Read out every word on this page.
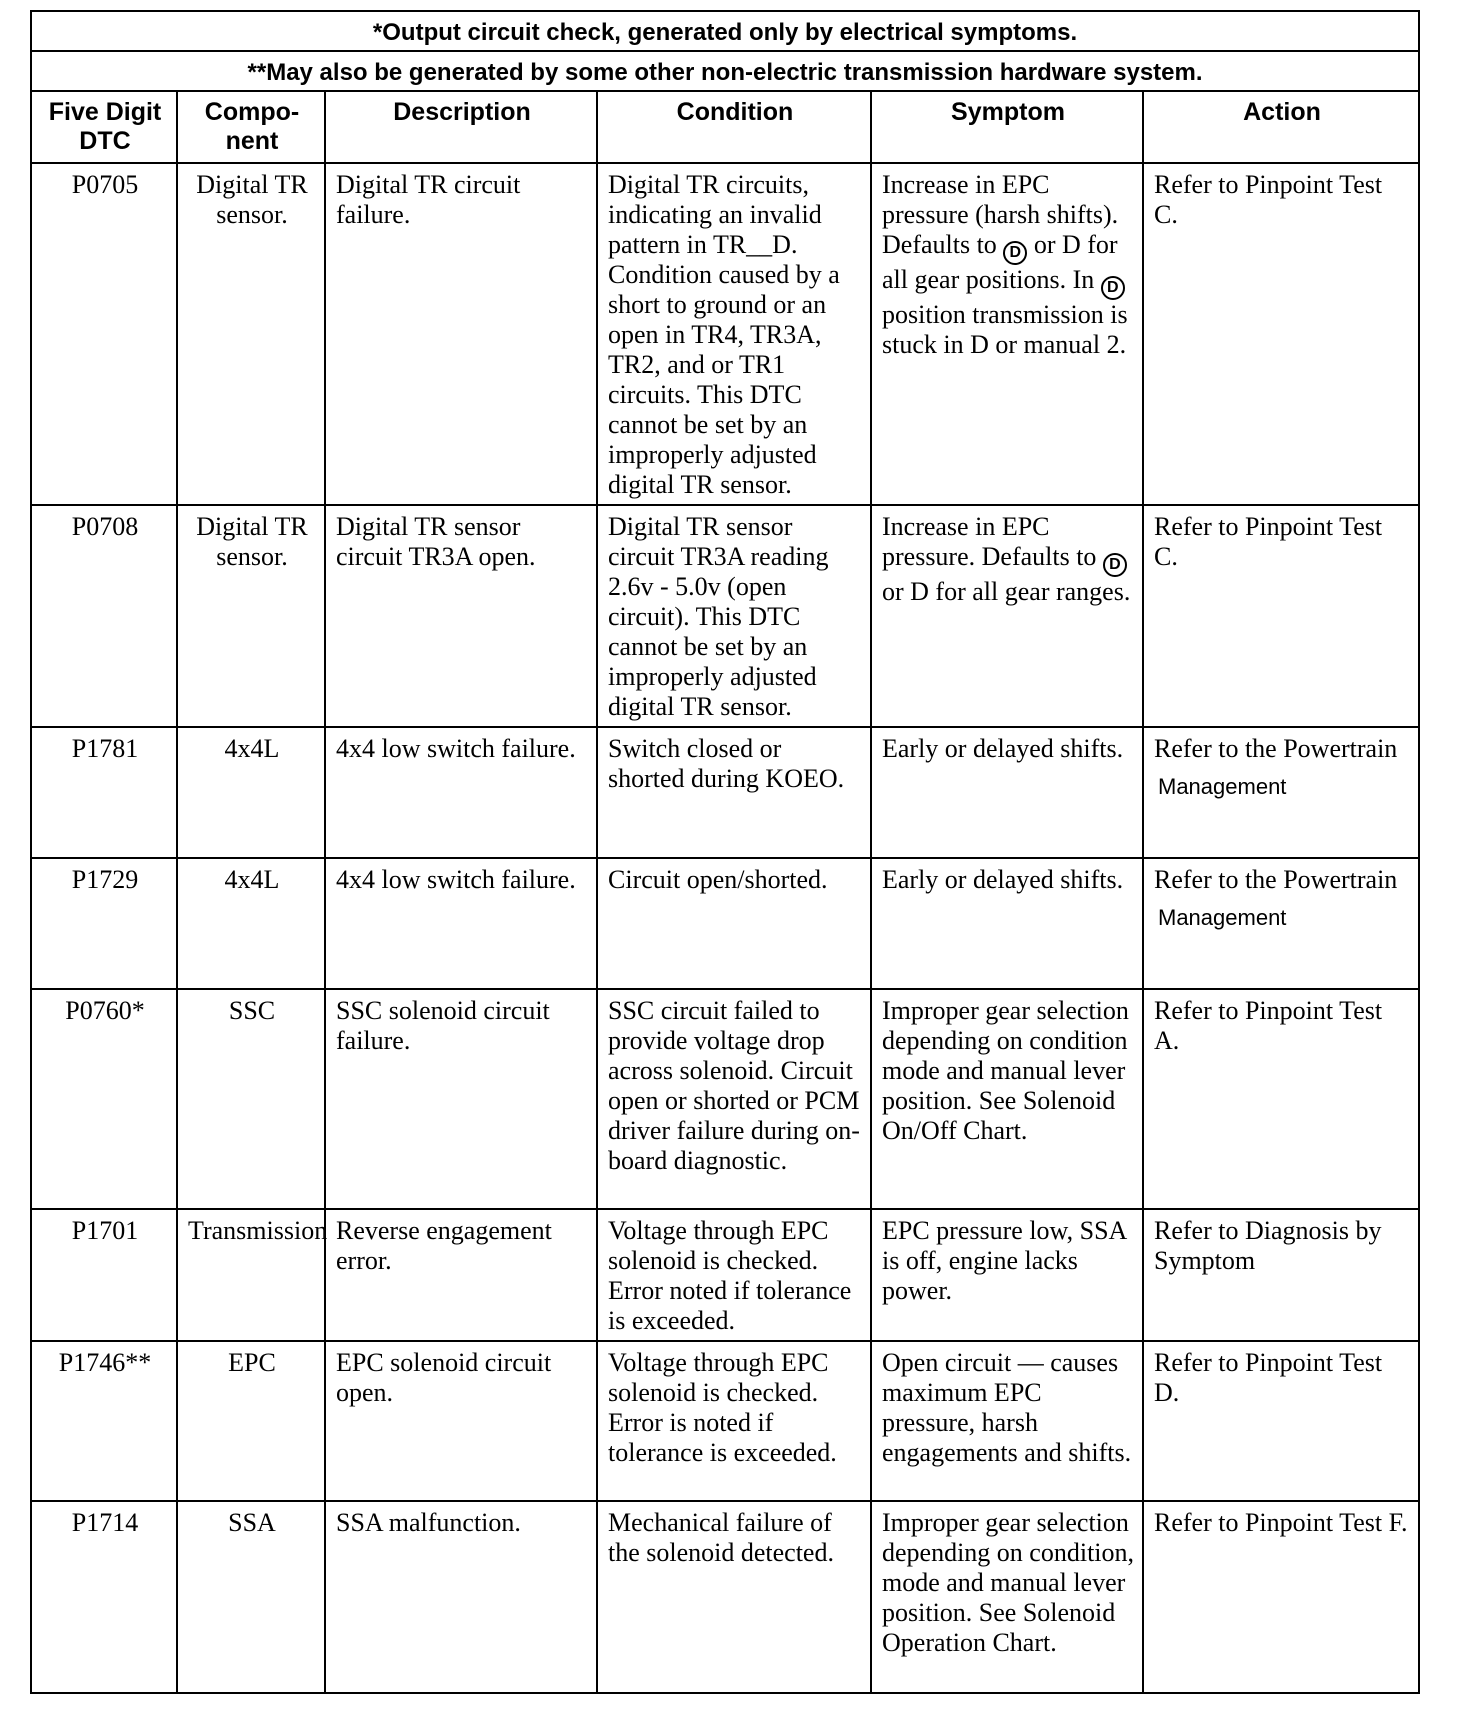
*Output circuit check, generated only by electrical symptoms.					
**May also be generated by some other non-electric transmission hardware system.					
Five Digit DTC	Compo- nent	Description	Condition	Symptom	Action
P0705	Digital TR sensor.	Digital TR circuit failure.	Digital TR circuits, indicating an invalid pattern in TR__D. Condition caused by a short to ground or an open in TR4, TR3A, TR2, and or TR1 circuits. This DTC cannot be set by an improperly adjusted digital TR sensor.	Increase in EPC pressure (harsh shifts). Defaults to D or D for all gear positions. In D position transmission is stuck in D or manual 2.	Refer to Pinpoint Test C.
P0708	Digital TR sensor.	Digital TR sensor circuit TR3A open.	Digital TR sensor circuit TR3A reading 2.6v - 5.0v (open circuit). This DTC cannot be set by an improperly adjusted digital TR sensor.	Increase in EPC pressure. Defaults to D or D for all gear ranges.	Refer to Pinpoint Test C.
P1781	4x4L	4x4 low switch failure.	Switch closed or shorted during KOEO.	Early or delayed shifts.	Refer to the Powertrain
Management

P1729	4x4L	4x4 low switch failure.	Circuit open/shorted.	Early or delayed shifts.	Refer to the Powertrain
Management

P0760*	SSC	SSC solenoid circuit failure.	SSC circuit failed to provide voltage drop across solenoid. Circuit open or shorted or PCM driver failure during on-board diagnostic.	Improper gear selection depending on condition mode and manual lever position. See Solenoid On/Off Chart.	Refer to Pinpoint Test A.
P1701	Transmission	Reverse engagement error.	Voltage through EPC solenoid is checked. Error noted if tolerance is exceeded.	EPC pressure low, SSA is off, engine lacks power.	Refer to Diagnosis by Symptom
P1746**	EPC	EPC solenoid circuit open.	Voltage through EPC solenoid is checked. Error is noted if tolerance is exceeded.	Open circuit — causes maximum EPC pressure, harsh engagements and shifts.	Refer to Pinpoint Test D.
P1714	SSA	SSA malfunction.	Mechanical failure of the solenoid detected.	Improper gear selection depending on condition, mode and manual lever position. See Solenoid Operation Chart.	Refer to Pinpoint Test F.
